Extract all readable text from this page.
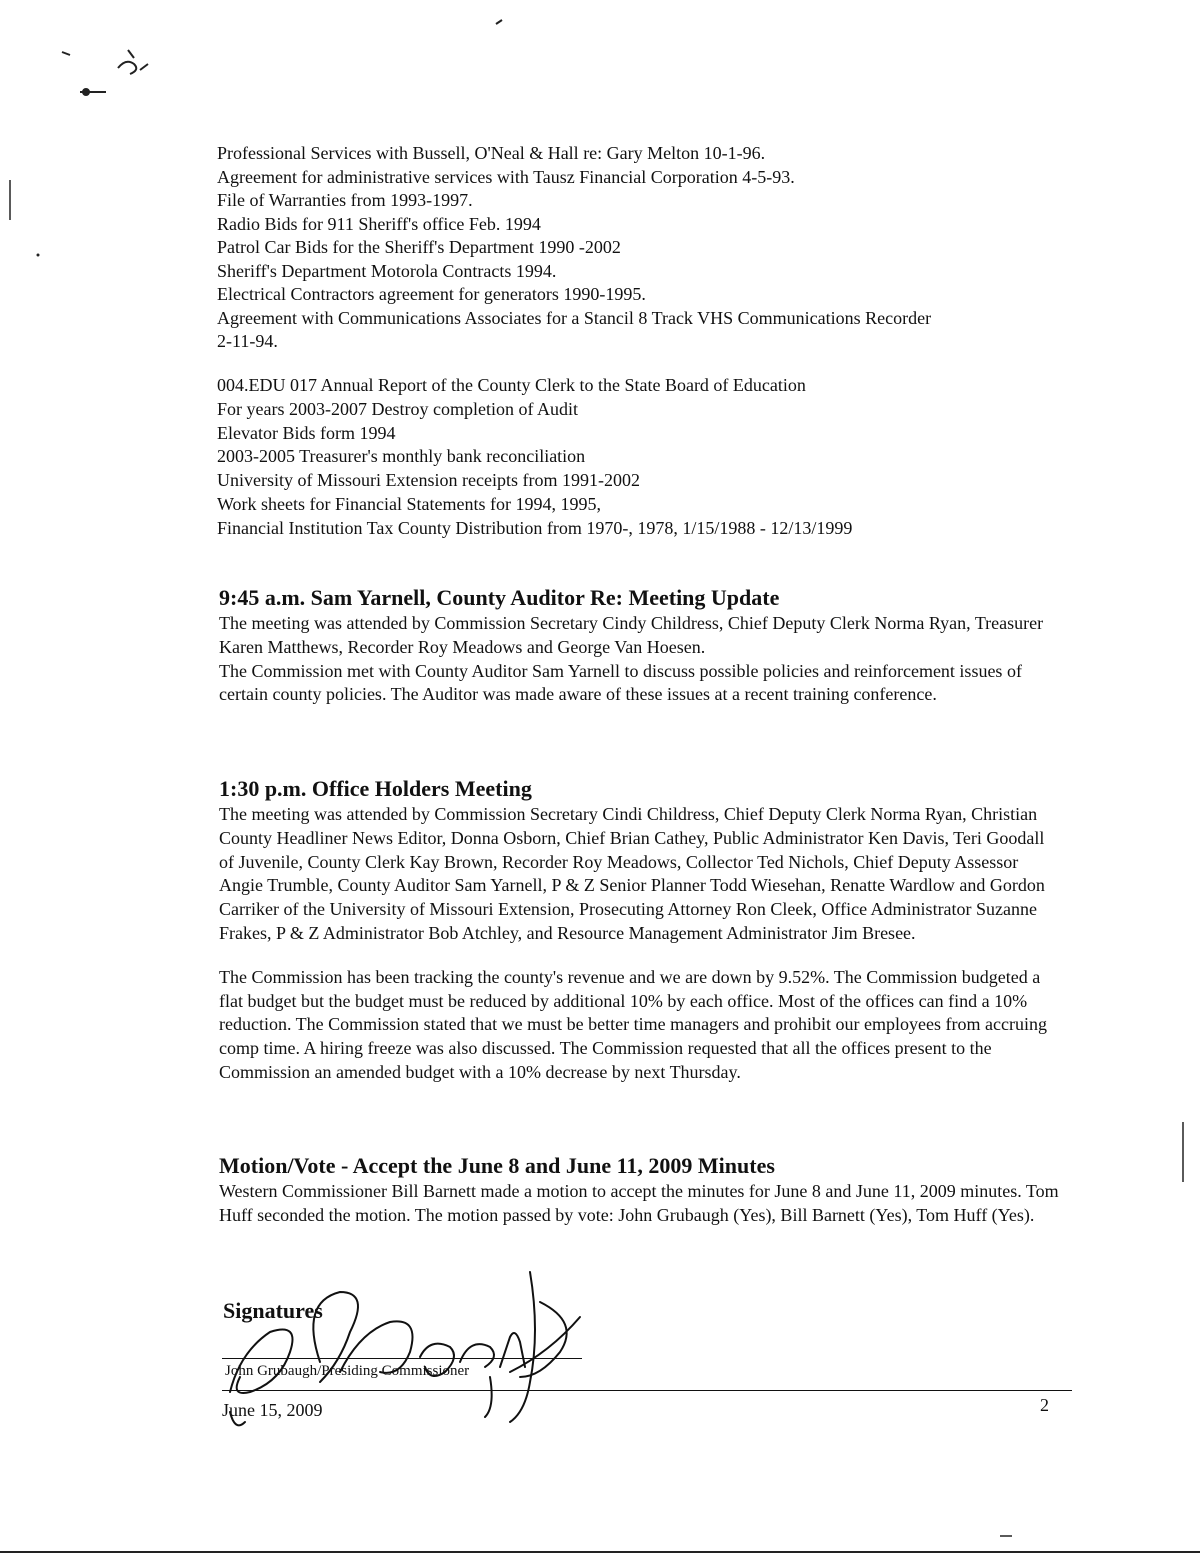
Professional Services with Bussell, O'Neal & Hall re: Gary Melton 10-1-96.
Agreement for administrative services with Tausz Financial Corporation 4-5-93.
File of Warranties from 1993-1997.
Radio Bids for 911 Sheriff's office Feb. 1994
Patrol Car Bids for the Sheriff's Department 1990 -2002
Sheriff's Department Motorola Contracts 1994.
Electrical Contractors agreement for generators 1990-1995.
Agreement with Communications Associates for a Stancil 8 Track VHS Communications Recorder
2-11-94.
004.EDU 017 Annual Report of the County Clerk to the State Board of Education
For years 2003-2007 Destroy completion of Audit
Elevator Bids form 1994
2003-2005 Treasurer's monthly bank reconciliation
University of Missouri Extension receipts from 1991-2002
Work sheets for Financial Statements for 1994, 1995,
Financial Institution Tax County Distribution from 1970-, 1978, 1/15/1988 - 12/13/1999
9:45 a.m. Sam Yarnell, County Auditor Re: Meeting Update
The meeting was attended by Commission Secretary Cindy Childress, Chief Deputy Clerk Norma Ryan, Treasurer Karen Matthews, Recorder Roy Meadows and George Van Hoesen.
The Commission met with County Auditor Sam Yarnell to discuss possible policies and reinforcement issues of certain county policies. The Auditor was made aware of these issues at a recent training conference.
1:30 p.m. Office Holders Meeting
The meeting was attended by Commission Secretary Cindi Childress, Chief Deputy Clerk Norma Ryan, Christian County Headliner News Editor, Donna Osborn, Chief Brian Cathey, Public Administrator Ken Davis, Teri Goodall of Juvenile, County Clerk Kay Brown, Recorder Roy Meadows, Collector Ted Nichols, Chief Deputy Assessor Angie Trumble, County Auditor Sam Yarnell, P & Z Senior Planner Todd Wiesehan, Renatte Wardlow and Gordon Carriker of the University of Missouri Extension, Prosecuting Attorney Ron Cleek, Office Administrator Suzanne Frakes, P & Z Administrator Bob Atchley, and Resource Management Administrator Jim Bresee.
The Commission has been tracking the county's revenue and we are down by 9.52%. The Commission budgeted a flat budget but the budget must be reduced by additional 10% by each office. Most of the offices can find a 10% reduction. The Commission stated that we must be better time managers and prohibit our employees from accruing comp time. A hiring freeze was also discussed. The Commission requested that all the offices present to the Commission an amended budget with a 10% decrease by next Thursday.
Motion/Vote - Accept the June 8 and June 11, 2009 Minutes
Western Commissioner Bill Barnett made a motion to accept the minutes for June 8 and June 11, 2009 minutes. Tom Huff seconded the motion. The motion passed by vote: John Grubaugh (Yes), Bill Barnett (Yes), Tom Huff (Yes).
Signatures
John Grubaugh/Presiding Commissioner
June 15, 2009	2
